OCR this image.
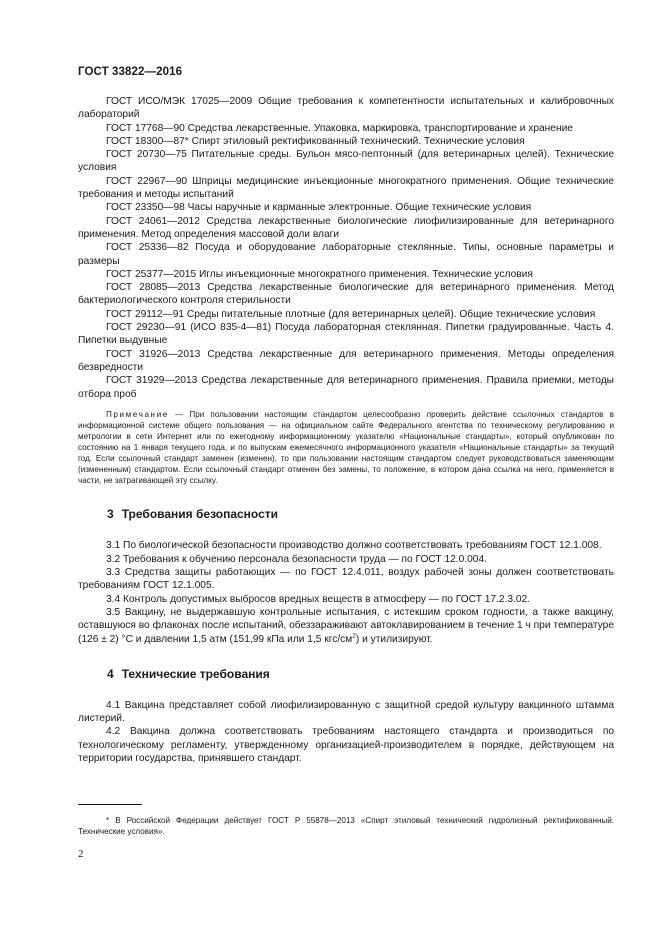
ГОСТ 33822—2016

ГОСТ ИСО/МЭК 17025—2009 Общие требования к компетентности испытательных и калибровочных лабораторий

ГОСТ 17768—90 Средства лекарственные. Упаковка, маркировка, транспортирование и хранение

ГОСТ 18300—87* Спирт этиловый ректификованный технический. Технические условия

ГОСТ 20730—75 Питательные среды. Бульон мясо-пептонный (для ветеринарных целей). Технические условия

ГОСТ 22967—90 Шприцы медицинские инъекционные многократного применения. Общие технические требования и методы испытаний

ГОСТ 23350—98 Часы наручные и карманные электронные. Общие технические условия

ГОСТ 24061—2012 Средства лекарственные биологические лиофилизированные для ветеринарного применения. Метод определения массовой доли влаги

ГОСТ 25336—82 Посуда и оборудование лабораторные стеклянные. Типы, основные параметры и размеры

ГОСТ 25377—2015 Иглы инъекционные многократного применения. Технические условия

ГОСТ 28085—2013 Средства лекарственные биологические для ветеринарного применения. Метод бактериологического контроля стерильности

ГОСТ 29112—91 Среды питательные плотные (для ветеринарных целей). Общие технические условия

ГОСТ 29230—91 (ИСО 835-4—81) Посуда лабораторная стеклянная. Пипетки градуированные. Часть 4. Пипетки выдувные

ГОСТ 31926—2013 Средства лекарственные для ветеринарного применения. Методы определения безвредности

ГОСТ 31929—2013 Средства лекарственные для ветеринарного применения. Правила приемки, методы отбора проб

Примечание — При пользовании настоящим стандартом целесообразно проверить действие ссылочных стандартов в информационной системе общего пользования — на официальном сайте Федерального агентства по техническому регулированию и метрологии в сети Интернет или по ежегодному информационному указателю «Национальные стандарты», который опубликован по состоянию на 1 января текущего года, и по выпускам ежемесячного информационного указателя «Национальные стандарты» за текущий год. Если ссылочный стандарт заменен (изменен), то при пользовании настоящим стандартом следует руководствоваться заменяющим (измененным) стандартом. Если ссылочный стандарт отменен без замены, то положение, в котором дана ссылка на него, применяется в части, не затрагивающей эту ссылку.

3 Требования безопасности

3.1 По биологической безопасности производство должно соответствовать требованиям ГОСТ 12.1.008.

3.2 Требования к обучению персонала безопасности труда — по ГОСТ 12.0.004.

3.3 Средства защиты работающих — по ГОСТ 12.4.011, воздух рабочей зоны должен соответствовать требованиям ГОСТ 12.1.005.

3.4 Контроль допустимых выбросов вредных веществ в атмосферу — по ГОСТ 17.2.3.02.

3.5 Вакцину, не выдержавшую контрольные испытания, с истекшим сроком годности, а также вакцину, оставшуюся во флаконах после испытаний, обеззараживают автоклавированием в течение 1 ч при температуре (126 ± 2) °С и давлении 1,5 атм (151,99 кПа или 1,5 кгс/$см^2$) и утилизируют.

4 Технические требования

4.1 Вакцина представляет собой лиофилизированную с защитной средой культуру вакцинного штамма листерий.

4.2 Вакцина должна соответствовать требованиям настоящего стандарта и производиться по технологическому регламенту, утвержденному организацией-производителем в порядке, действующем на территории государства, принявшего стандарт.

* В Российской Федерации действует ГОСТ Р 55878—2013 «Спирт этиловый технический гидролизный ректификованный. Технические условия».

2
